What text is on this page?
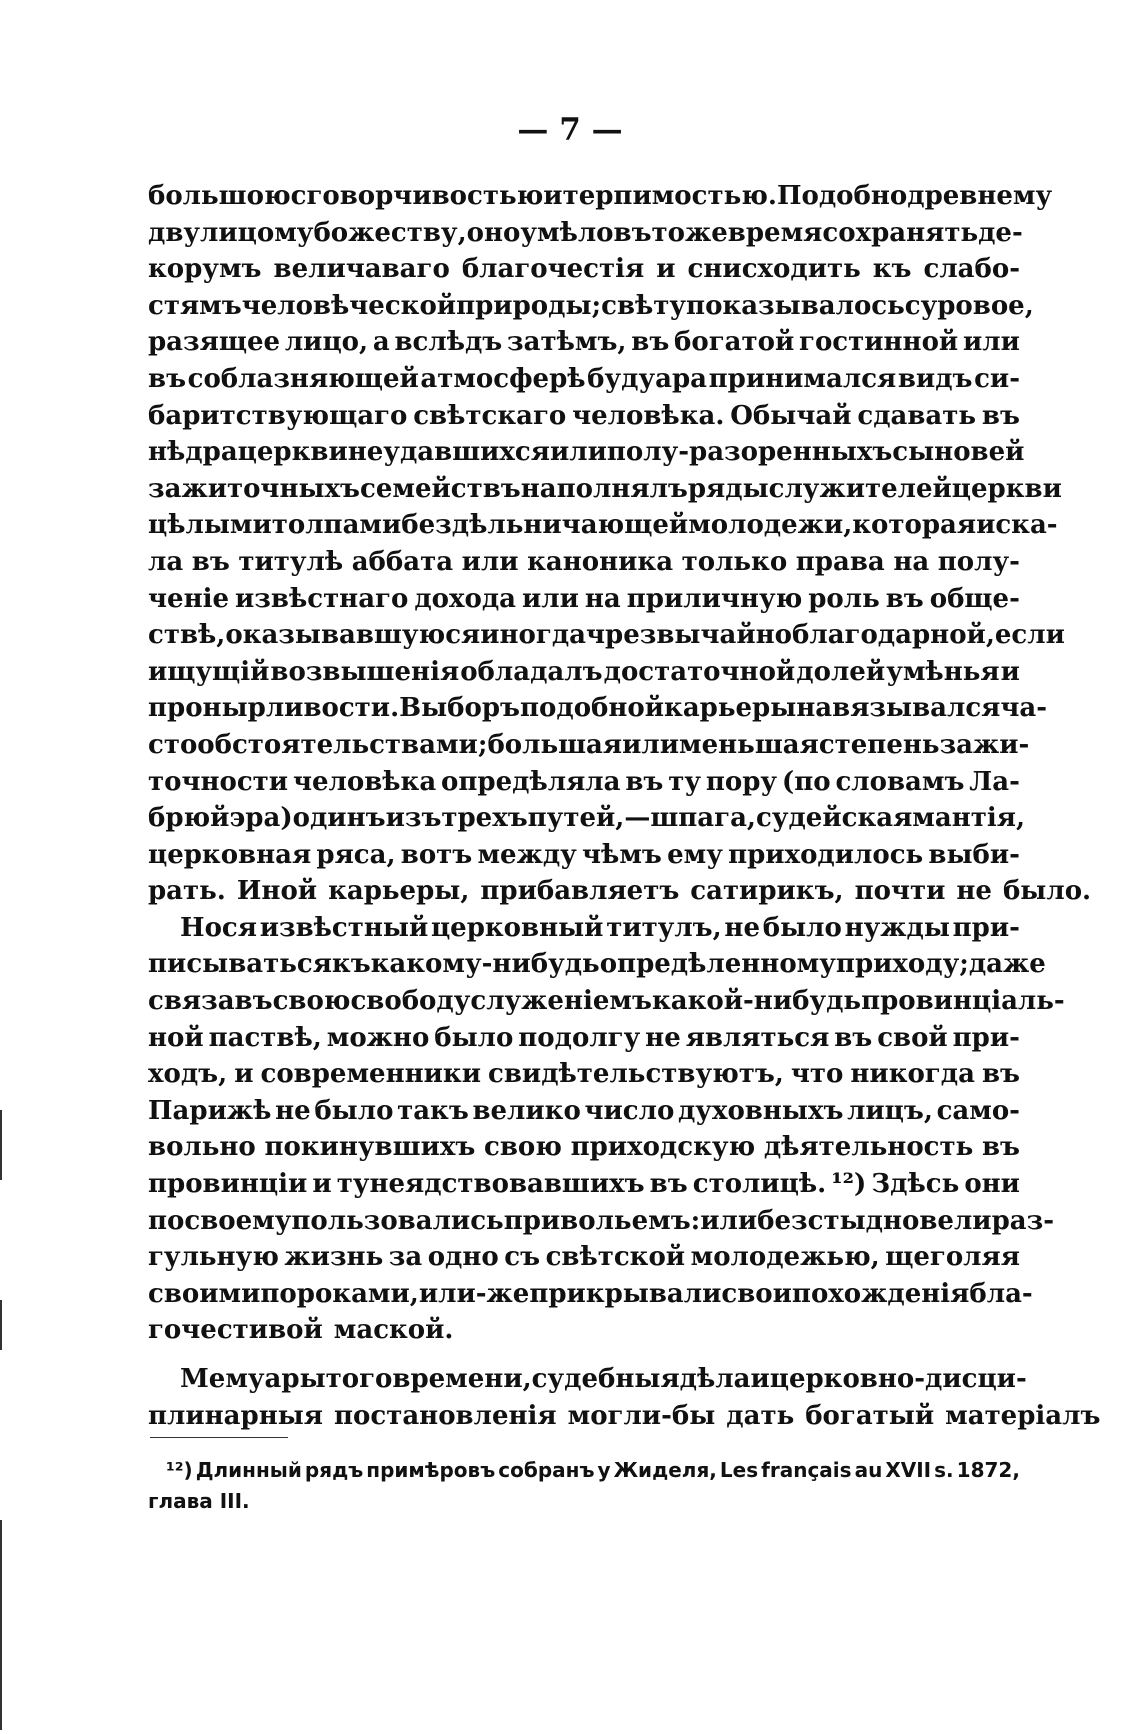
— 7 —
большою сговорчивостью и терпимостью. Подобно древнему
двулицому божеству, оно умѣло въ тоже время сохранять де-
корумъ величаваго благочестія и снисходить къ слабо-
стямъ человѣческой природы; свѣту показывалось суровое,
разящее лицо, а вслѣдъ затѣмъ, въ богатой гостинной или
въ соблазняющей атмосферѣ будуара принимался видъ си-
баритствующаго свѣтскаго человѣка. Обычай сдавать въ
нѣдра церкви неудавшихся или полу-разоренныхъ сыновей
зажиточныхъ семействъ наполнялъ ряды служителей церкви
цѣлыми толпами бездѣльничающей молодежи, которая иска-
ла въ титулѣ аббата или каноника только права на полу-
ченіе извѣстнаго дохода или на приличную роль въ обще-
ствѣ, оказывавшуюся иногда чрезвычайно благодарной, если
ищущій возвышенія обладалъ достаточной долей умѣнья и
пронырливости. Выборъ подобной карьеры навязывался ча-
сто обстоятельствами; большая или меньшая степень зажи-
точности человѣка опредѣляла въ ту пору (по словамъ Ла-
брюйэра) одинъ изъ трехъ путей,—шпага, судейская мантія,
церковная ряса, вотъ между чѣмъ ему приходилось выби-
рать. Иной карьеры, прибавляетъ сатирикъ, почти не было.
Нося извѣстный церковный титулъ, не было нужды при-
писываться къ какому-нибудь опредѣленному приходу; даже
связавъ свою свободу служеніемъ какой-нибудь провинціаль-
ной паствѣ, можно было подолгу не являться въ свой при-
ходъ, и современники свидѣтельствуютъ, что никогда въ
Парижѣ не было такъ велико число духовныхъ лицъ, само-
вольно покинувшихъ свою приходскую дѣятельность въ
провинціи и тунеядствовавшихъ въ столицѣ. ¹²) Здѣсь они
по своему пользовались привольемъ: или безстыдно вели раз-
гульную жизнь за одно съ свѣтской молодежью, щеголяя
своими пороками, или-же прикрывали свои похожденія бла-
гочестивой маской.
Мемуары того времени, судебныя дѣла и церковно-дисци-
плинарныя постановленія могли-бы дать богатый матеріалъ
¹²) Длинный рядъ примѣровъ собранъ у Жиделя, Les français au XVII s. 1872,
глава III.
